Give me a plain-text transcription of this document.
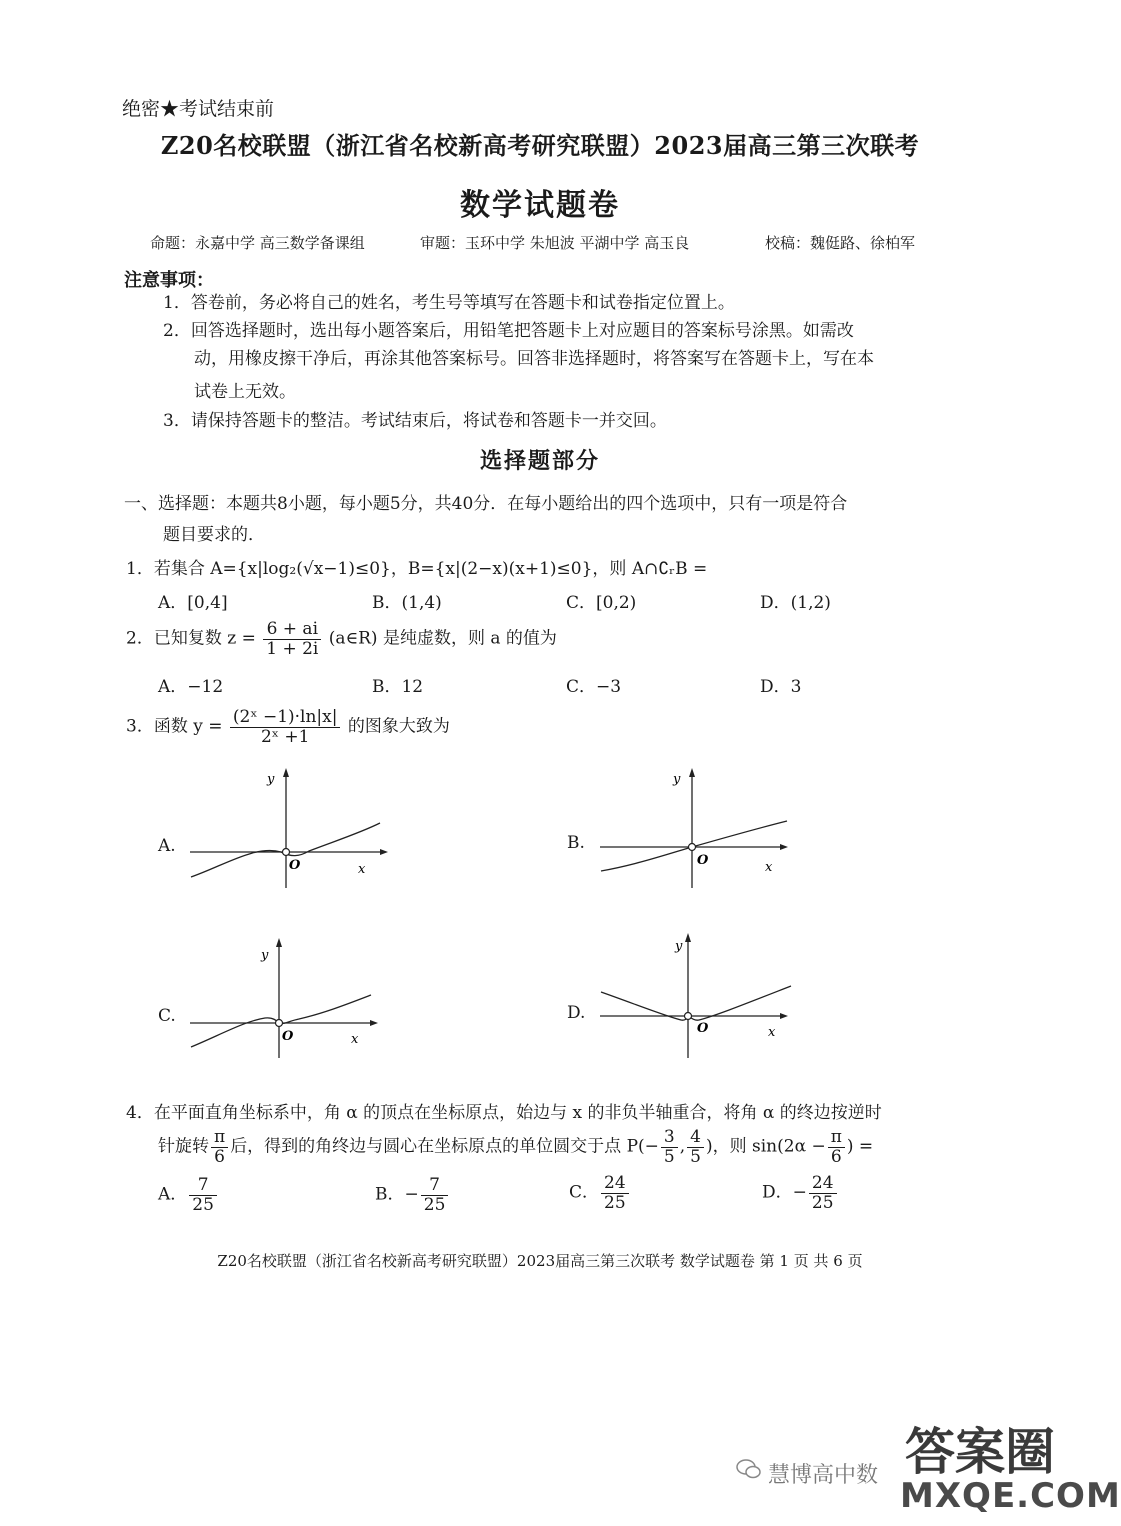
绝密★考试结束前
Z20名校联盟（浙江省名校新高考研究联盟）2023届高三第三次联考
数学试题卷
命题：永嘉中学 高三数学备课组	审题：玉环中学 朱旭波 平湖中学 高玉良	校稿：魏侹路、徐柏军
注意事项：
1．答卷前，务必将自己的姓名，考生号等填写在答题卡和试卷指定位置上。
2．回答选择题时，选出每小题答案后，用铅笔把答题卡上对应题目的答案标号涂黑。如需改
动，用橡皮擦干净后，再涂其他答案标号。回答非选择题时，将答案写在答题卡上，写在本
试卷上无效。
3．请保持答题卡的整洁。考试结束后，将试卷和答题卡一并交回。
选择题部分
一、选择题：本题共8小题，每小题5分，共40分．在每小题给出的四个选项中，只有一项是符合
题目要求的．
1．若集合 A={x|log₂(√x−1)≤0}，B={x|(2−x)(x+1)≤0}，则 A∩∁ᵣB =
A．[0,4]	B．(1,4)	C．[0,2)	D．(1,2)
2．已知复数 $z = \frac{6 + ai}{1 + 2i}$ (a∈R) 是纯虚数，则 a 的值为
A．−12	B．12	C．−3	D．3
3．函数 $y = \frac{\text{(2ˣ −1)·ln|x|}}{\text{2ˣ +1}}$ 的图象大致为
A.	B.
C.	D.
y
O	x
y
O	x
y
O	x
y
O	x
4．在平面直角坐标系中，角 α 的顶点在坐标原点，始边与 x 的非负半轴重合，将角 α 的终边按逆时
针旋转 $\frac{\pi}{6}$ 后，得到的角终边与圆心在坐标原点的单位圆交于点 $P(- \frac{3}{5}$ , $\frac{4}{5}$ )，则 $\sin(2\alpha - \frac{\pi}{6}$ ) =
A． $\frac{7}{25}$	B．− $\frac{7}{25}$	C． $\frac{24}{25}$	D．− $\frac{24}{25}$
Z20名校联盟（浙江省名校新高考研究联盟）2023届高三第三次联考 数学试题卷 第 1 页 共 6 页
慧博高中数 答案圈
MXQE.COM
